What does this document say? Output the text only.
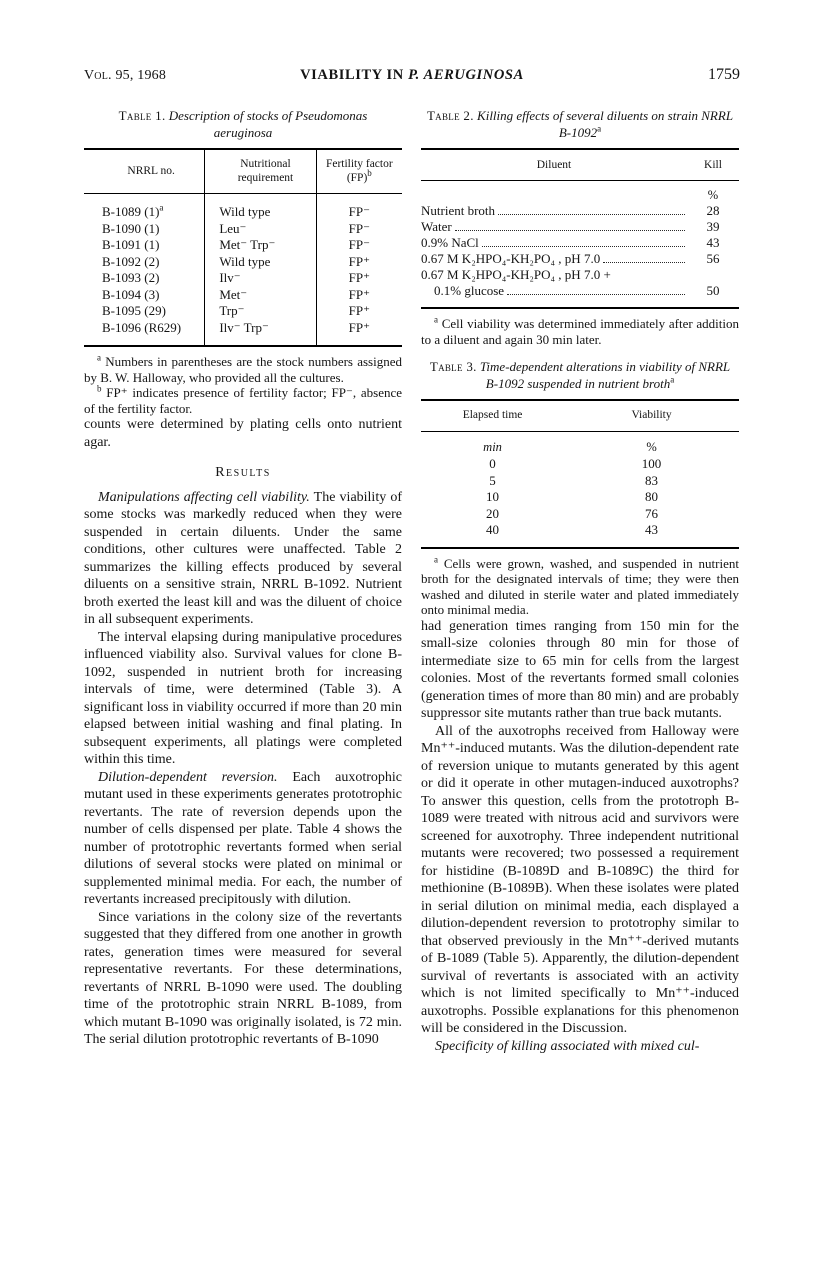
Vol. 95, 1968	VIABILITY IN P. AERUGINOSA	1759
Table 1. Description of stocks of Pseudomonas aeruginosa
NRRL no.	Nutritional requirement	Fertility factor (FP)$^b$
B-1089 $(1)^a$	Wild type	FP⁻
B-1090 (1)	Leu⁻	FP⁻
B-1091 (1)	Met⁻ Trp⁻	FP⁻
B-1092 (2)	Wild type	FP⁺
B-1093 (2)	Ilv⁻	FP⁺
B-1094 (3)	Met⁻	FP⁺
B-1095 (29)	Trp⁻	FP⁺
B-1096 (R629)	Ilv⁻ Trp⁻	FP⁺

$^a$ Numbers in parentheses are the stock numbers assigned by B. W. Halloway, who provided all the cultures.

$^b$ FP⁺ indicates presence of fertility factor; FP⁻, absence of the fertility factor.

counts were determined by plating cells onto nutrient agar.

Results

Manipulations affecting cell viability. The viability of some stocks was markedly reduced when they were suspended in certain diluents. Under the same conditions, other cultures were unaffected. Table 2 summarizes the killing effects produced by several diluents on a sensitive strain, NRRL B-1092. Nutrient broth exerted the least kill and was the diluent of choice in all subsequent experiments.

The interval elapsing during manipulative procedures influenced viability also. Survival values for clone B-1092, suspended in nutrient broth for increasing intervals of time, were determined (Table 3). A significant loss in viability occurred if more than 20 min elapsed between initial washing and final plating. In subsequent experiments, all platings were completed within this time.

Dilution-dependent reversion. Each auxotrophic mutant used in these experiments generates prototrophic revertants. The rate of reversion depends upon the number of cells dispensed per plate. Table 4 shows the number of prototrophic revertants formed when serial dilutions of several stocks were plated on minimal or supplemented minimal media. For each, the number of revertants increased precipitously with dilution.

Since variations in the colony size of the revertants suggested that they differed from one another in growth rates, generation times were measured for several representative revertants. For these determinations, revertants of NRRL B-1090 were used. The doubling time of the prototrophic strain NRRL B-1089, from which mutant B-1090 was originally isolated, is 72 min. The serial dilution prototrophic revertants of B-1090

Table 2. Killing effects of several diluents on strain NRRL B-1092$^a$
Diluent	Kill
%
Nutrient broth	28
Water	39
0.9% NaCl	43
0.67 M K₂HPO₄-KH₂PO₄ , pH 7.0	56
0.67 M K₂HPO₄-KH₂PO₄ , pH 7.0 +
0.1% glucose	50

$^a$ Cell viability was determined immediately after addition to a diluent and again 30 min later.

Table 3. Time-dependent alterations in viability of NRRL B-1092 suspended in nutrient broth$^a$
Elapsed time	Viability
min	%
0	100
5	83
10	80
20	76
40	43

$^a$ Cells were grown, washed, and suspended in nutrient broth for the designated intervals of time; they were then washed and diluted in sterile water and plated immediately onto minimal media.

had generation times ranging from 150 min for the small-size colonies through 80 min for those of intermediate size to 65 min for cells from the largest colonies. Most of the revertants formed small colonies (generation times of more than 80 min) and are probably suppressor site mutants rather than true back mutants.

All of the auxotrophs received from Halloway were Mn⁺⁺-induced mutants. Was the dilution-dependent rate of reversion unique to mutants generated by this agent or did it operate in other mutagen-induced auxotrophs? To answer this question, cells from the prototroph B-1089 were treated with nitrous acid and survivors were screened for auxotrophy. Three independent nutritional mutants were recovered; two possessed a requirement for histidine (B-1089D and B-1089C) the third for methionine (B-1089B). When these isolates were plated in serial dilution on minimal media, each displayed a dilution-dependent reversion to prototrophy similar to that observed previously in the Mn⁺⁺-derived mutants of B-1089 (Table 5). Apparently, the dilution-dependent survival of revertants is associated with an activity which is not limited specifically to Mn⁺⁺-induced auxotrophs. Possible explanations for this phenomenon will be considered in the Discussion.

Specificity of killing associated with mixed cul-
